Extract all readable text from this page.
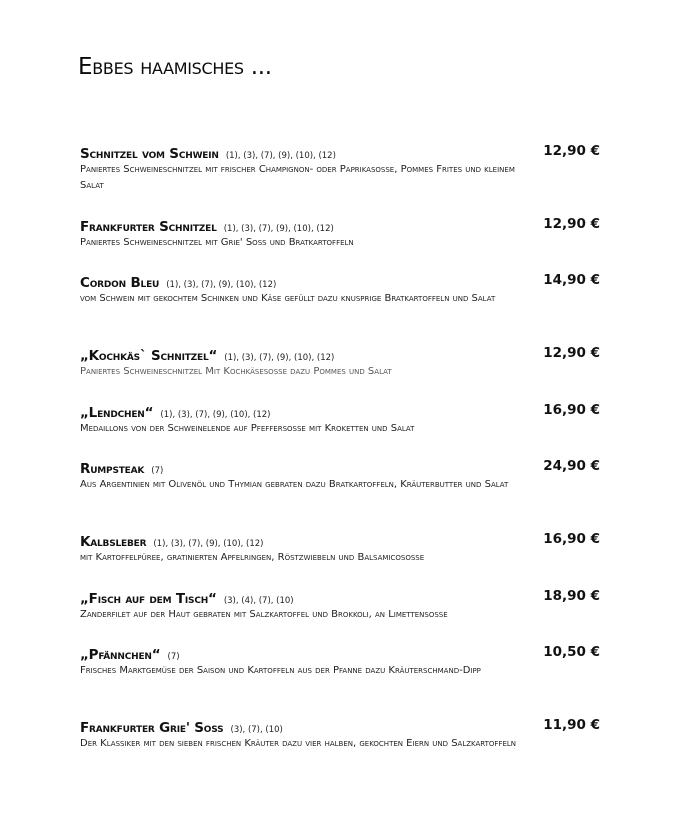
Ebbes haamisches ...
Schnitzel vom Schwein (1), (3), (7), (9), (10), (12)	12,90 €
Paniertes Schweineschnitzel mit frischer Champignon- oder Paprikasosse, Pommes Frites und kleinem Salat
Frankfurter Schnitzel (1), (3), (7), (9), (10), (12)	12,90 €
Paniertes Schweineschnitzel mit Grie' Soss und Bratkartoffeln
Cordon Bleu (1), (3), (7), (9), (10), (12)	14,90 €
vom Schwein mit gekochtem Schinken und Käse gefüllt dazu knusprige Bratkartoffeln und Salat
„Kochkäs` Schnitzel“ (1), (3), (7), (9), (10), (12)	12,90 €
Paniertes Schweineschnitzel Mit Kochkäsesosse dazu Pommes und Salat
„Lendchen“ (1), (3), (7), (9), (10), (12)	16,90 €
Medaillons von der Schweinelende auf Pfeffersosse mit Kroketten und Salat
Rumpsteak (7)	24,90 €
Aus Argentinien mit Olivenöl und Thymian gebraten dazu Bratkartoffeln, Kräuterbutter und Salat
Kalbsleber (1), (3), (7), (9), (10), (12)	16,90 €
mit Kartoffelpüree, gratinierten Apfelringen, Röstzwiebeln und Balsamicososse
„Fisch auf dem Tisch“ (3), (4), (7), (10)	18,90 €
Zanderfilet auf der Haut gebraten mit Salzkartoffel und Brokkoli, an Limettensosse
„Pfännchen“ (7)	10,50 €
Frisches Marktgemüse der Saison und Kartoffeln aus der Pfanne dazu Kräuterschmand-Dipp
Frankfurter Grie' Soss (3), (7), (10)	11,90 €
Der Klassiker mit den sieben frischen Kräuter dazu vier halben, gekochten Eiern und Salzkartoffeln
